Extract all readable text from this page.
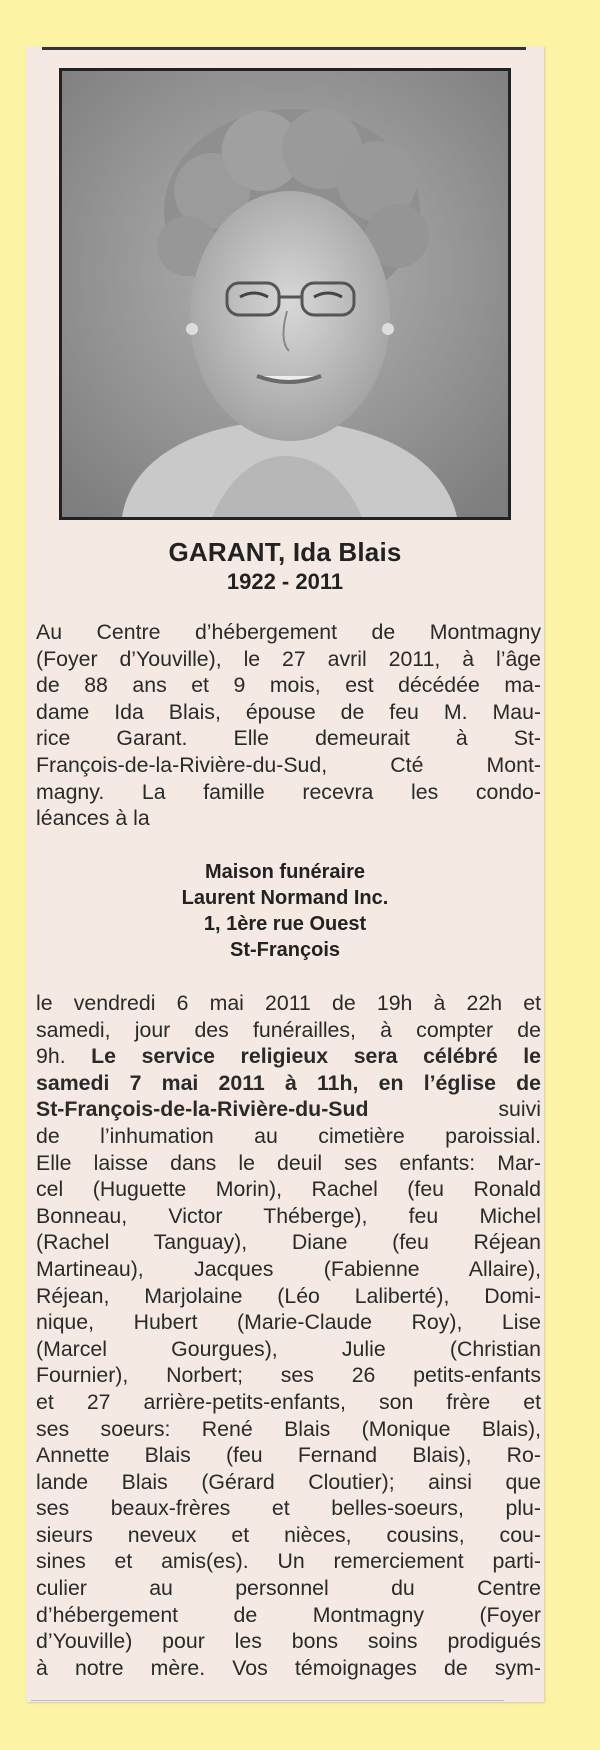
GARANT, Ida Blais
1922 - 2011
Au Centre d’hébergement de Montmagny
(Foyer d’Youville), le 27 avril 2011, à l’âge
de 88 ans et 9 mois, est décédée ma-
dame Ida Blais, épouse de feu M. Mau-
rice Garant. Elle demeurait à St-
François-de-la-Rivière-du-Sud, Cté Mont-
magny. La famille recevra les condo-
léances à la
Maison funéraire
Laurent Normand Inc.
1, 1ère rue Ouest
St-François
le vendredi 6 mai 2011 de 19h à 22h et
samedi, jour des funérailles, à compter de
9h. Le service religieux sera célébré le
samedi 7 mai 2011 à 11h, en l’église de
St-François-de-la-Rivière-du-Sud suivi
de l’inhumation au cimetière paroissial.
Elle laisse dans le deuil ses enfants: Mar-
cel (Huguette Morin), Rachel (feu Ronald
Bonneau, Victor Théberge), feu Michel
(Rachel Tanguay), Diane (feu Réjean
Martineau), Jacques (Fabienne Allaire),
Réjean, Marjolaine (Léo Laliberté), Domi-
nique, Hubert (Marie-Claude Roy), Lise
(Marcel Gourgues), Julie (Christian
Fournier), Norbert; ses 26 petits-enfants
et 27 arrière-petits-enfants, son frère et
ses soeurs: René Blais (Monique Blais),
Annette Blais (feu Fernand Blais), Ro-
lande Blais (Gérard Cloutier); ainsi que
ses beaux-frères et belles-soeurs, plu-
sieurs neveux et nièces, cousins, cou-
sines et amis(es). Un remerciement parti-
culier au personnel du Centre
d’hébergement de Montmagny (Foyer
d’Youville) pour les bons soins prodigués
à notre mère. Vos témoignages de sym-
